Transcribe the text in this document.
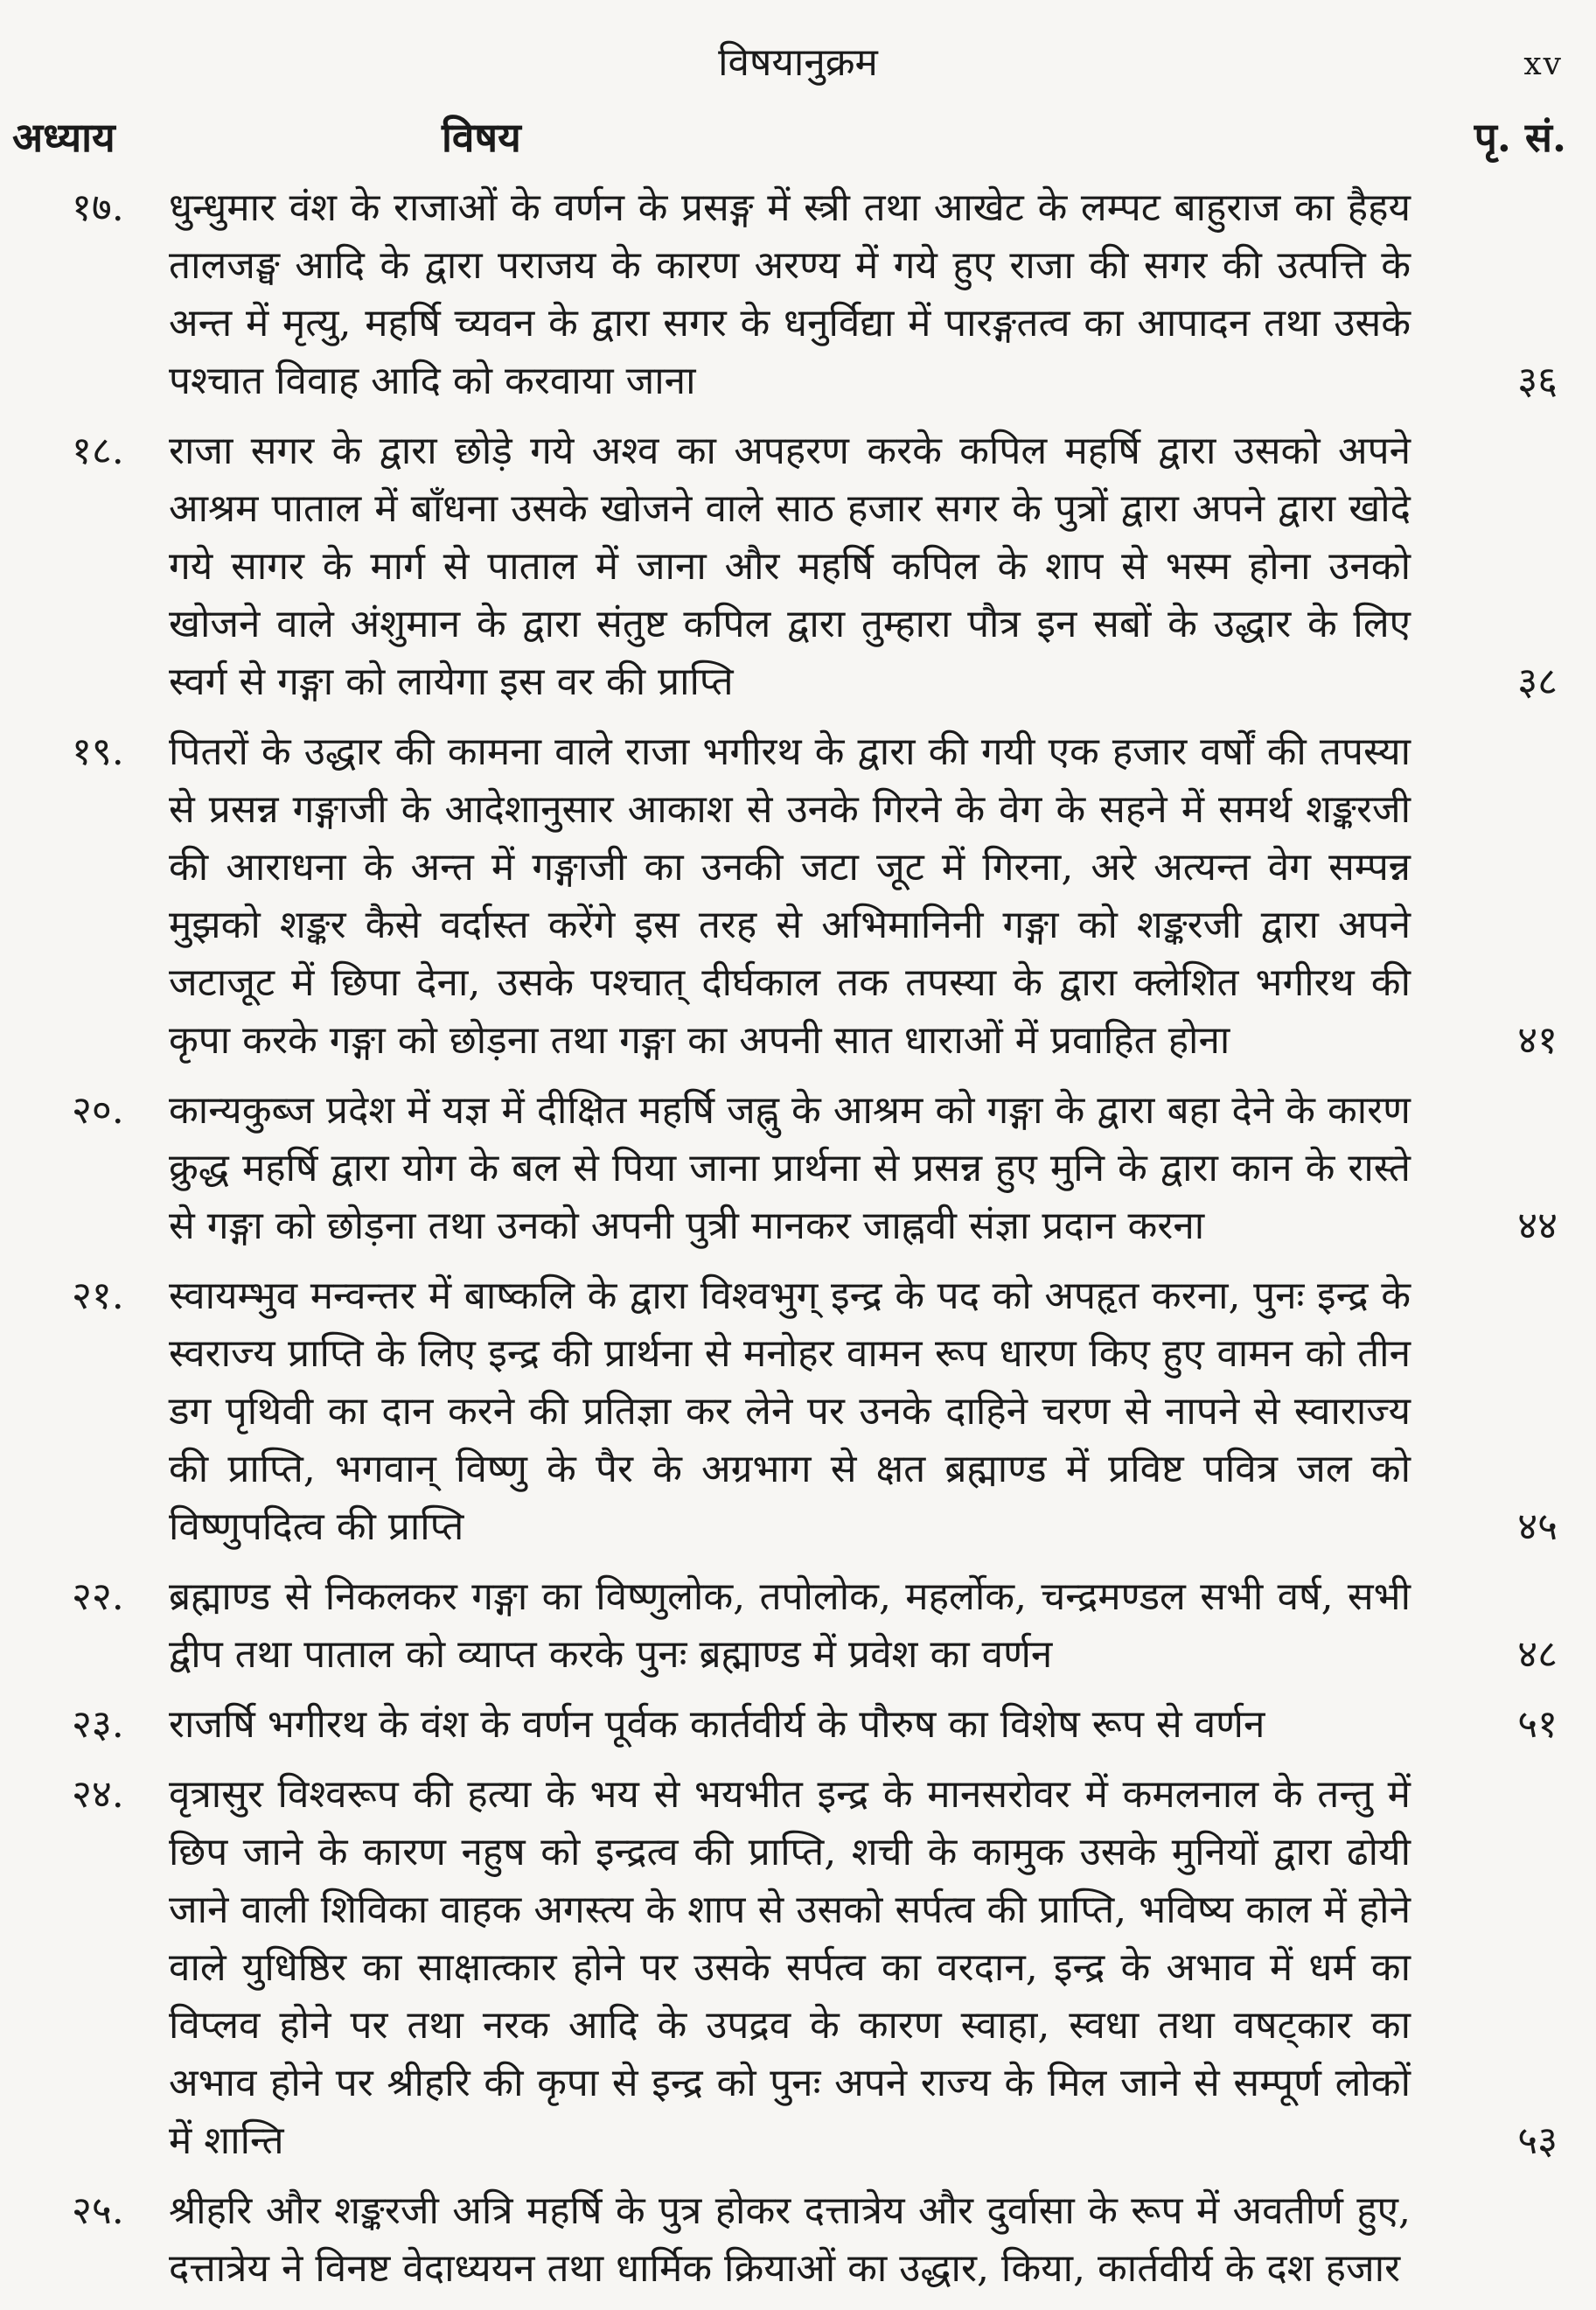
विषयानुक्रम	xv
अध्याय	विषय	पृ. सं.
१७. धुन्धुमार वंश के राजाओं के वर्णन के प्रसङ्ग में स्त्री तथा आखेट के लम्पट बाहुराज का हैहय तालजङ्घ आदि के द्वारा पराजय के कारण अरण्य में गये हुए राजा की सगर की उत्पत्ति के अन्त में मृत्यु, महर्षि च्यवन के द्वारा सगर के धनुर्विद्या में पारङ्गतत्व का आपादन तथा उसके पश्चात विवाह आदि को करवाया जाना	३६
१८. राजा सगर के द्वारा छोड़े गये अश्व का अपहरण करके कपिल महर्षि द्वारा उसको अपने आश्रम पाताल में बाँधना उसके खोजने वाले साठ हजार सगर के पुत्रों द्वारा अपने द्वारा खोदे गये सागर के मार्ग से पाताल में जाना और महर्षि कपिल के शाप से भस्म होना उनको खोजने वाले अंशुमान के द्वारा संतुष्ट कपिल द्वारा तुम्हारा पौत्र इन सबों के उद्धार के लिए स्वर्ग से गङ्गा को लायेगा इस वर की प्राप्ति	३८
१९. पितरों के उद्धार की कामना वाले राजा भगीरथ के द्वारा की गयी एक हजार वर्षों की तपस्या से प्रसन्न गङ्गाजी के आदेशानुसार आकाश से उनके गिरने के वेग के सहने में समर्थ शङ्करजी की आराधना के अन्त में गङ्गाजी का उनकी जटा जूट में गिरना, अरे अत्यन्त वेग सम्पन्न मुझको शङ्कर कैसे वर्दास्त करेंगे इस तरह से अभिमानिनी गङ्गा को शङ्करजी द्वारा अपने जटाजूट में छिपा देना, उसके पश्चात् दीर्घकाल तक तपस्या के द्वारा क्लेशित भगीरथ की कृपा करके गङ्गा को छोड़ना तथा गङ्गा का अपनी सात धाराओं में प्रवाहित होना	४१
२०. कान्यकुब्ज प्रदेश में यज्ञ में दीक्षित महर्षि जह्नु के आश्रम को गङ्गा के द्वारा बहा देने के कारण क्रुद्ध महर्षि द्वारा योग के बल से पिया जाना प्रार्थना से प्रसन्न हुए मुनि के द्वारा कान के रास्ते से गङ्गा को छोड़ना तथा उनको अपनी पुत्री मानकर जाह्नवी संज्ञा प्रदान करना	४४
२१. स्वायम्भुव मन्वन्तर में बाष्कलि के द्वारा विश्वभुग् इन्द्र के पद को अपहृत करना, पुनः इन्द्र के स्वराज्य प्राप्ति के लिए इन्द्र की प्रार्थना से मनोहर वामन रूप धारण किए हुए वामन को तीन डग पृथिवी का दान करने की प्रतिज्ञा कर लेने पर उनके दाहिने चरण से नापने से स्वाराज्य की प्राप्ति, भगवान् विष्णु के पैर के अग्रभाग से क्षत ब्रह्माण्ड में प्रविष्ट पवित्र जल को विष्णुपदित्व की प्राप्ति	४५
२२. ब्रह्माण्ड से निकलकर गङ्गा का विष्णुलोक, तपोलोक, महर्लोक, चन्द्रमण्डल सभी वर्ष, सभी द्वीप तथा पाताल को व्याप्त करके पुनः ब्रह्माण्ड में प्रवेश का वर्णन	४८
२३. राजर्षि भगीरथ के वंश के वर्णन पूर्वक कार्तवीर्य के पौरुष का विशेष रूप से वर्णन	५१
२४. वृत्रासुर विश्वरूप की हत्या के भय से भयभीत इन्द्र के मानसरोवर में कमलनाल के तन्तु में छिप जाने के कारण नहुष को इन्द्रत्व की प्राप्ति, शची के कामुक उसके मुनियों द्वारा ढोयी जाने वाली शिविका वाहक अगस्त्य के शाप से उसको सर्पत्व की प्राप्ति, भविष्य काल में होने वाले युधिष्ठिर का साक्षात्कार होने पर उसके सर्पत्व का वरदान, इन्द्र के अभाव में धर्म का विप्लव होने पर तथा नरक आदि के उपद्रव के कारण स्वाहा, स्वधा तथा वषट्कार का अभाव होने पर श्रीहरि की कृपा से इन्द्र को पुनः अपने राज्य के मिल जाने से सम्पूर्ण लोकों में शान्ति	५३
२५. श्रीहरि और शङ्करजी अत्रि महर्षि के पुत्र होकर दत्तात्रेय और दुर्वासा के रूप में अवतीर्ण हुए, दत्तात्रेय ने विनष्ट वेदाध्ययन तथा धार्मिक क्रियाओं का उद्धार, किया, कार्तवीर्य के दश हजार
